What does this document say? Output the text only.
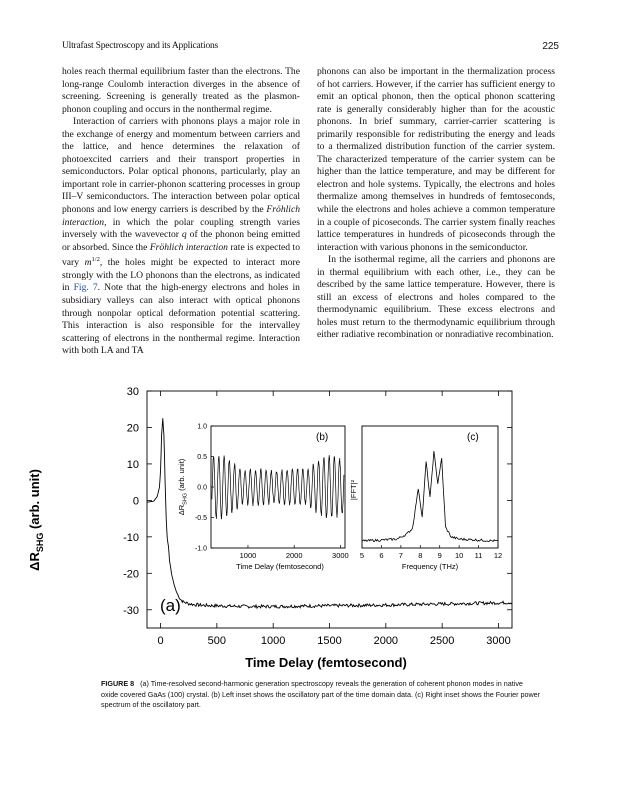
Ultrafast Spectroscopy and its Applications	225

holes reach thermal equilibrium faster than the electrons. The long-range Coulomb interaction diverges in the absence of screening. Screening is generally treated as the plasmon-phonon coupling and occurs in the nonthermal regime.

Interaction of carriers with phonons plays a major role in the exchange of energy and momentum between carriers and the lattice, and hence determines the relaxation of photoexcited carriers and their transport properties in semiconductors. Polar optical phonons, particularly, play an important role in carrier-phonon scattering processes in group III–V semiconductors. The interaction between polar optical phonons and low energy carriers is described by the Fröhlich interaction, in which the polar coupling strength varies inversely with the wavevector q of the phonon being emitted or absorbed. Since the Fröhlich interaction rate is expected to vary $m^{1/2}$, the holes might be expected to interact more strongly with the LO phonons than the electrons, as indicated in Fig. 7. Note that the high-energy electrons and holes in subsidiary valleys can also interact with optical phonons through nonpolar optical deformation potential scattering. This interaction is also responsible for the intervalley scattering of electrons in the nonthermal regime. Interaction with both LA and TA

phonons can also be important in the thermalization process of hot carriers. However, if the carrier has sufficient energy to emit an optical phonon, then the optical phonon scattering rate is generally considerably higher than for the acoustic phonons. In brief summary, carrier-carrier scattering is primarily responsible for redistributing the energy and leads to a thermalized distribution function of the carrier system. The characterized temperature of the carrier system can be higher than the lattice temperature, and may be different for electron and hole systems. Typically, the electrons and holes thermalize among themselves in hundreds of femtoseconds, while the electrons and holes achieve a common temperature in a couple of picoseconds. The carrier system finally reaches lattice temperatures in hundreds of picoseconds through the interaction with various phonons in the semiconductor.

In the isothermal regime, all the carriers and phonons are in thermal equilibrium with each other, i.e., they can be described by the same lattice temperature. However, there is still an excess of electrons and holes compared to the thermodynamic equilibrium. These excess electrons and holes must return to the thermodynamic equilibrium through either radiative recombination or nonradiative recombination.

0	500	1000	1500	2000	2500	3000
30
20
10
0
-10
-20
-30 (a)
Time Delay (femtosecond)
$\Delta R_{SHG}$ (arb. unit)
1000	2000	3000
1.0
0.5
0.0
-0.5
-1.0
(b)
Time Delay (femtosecond)
$\Delta R_{SHG}$ (arb. unit)
5 6 7 8 9 10 11 12
(c)
Frequency (THz)
|FFT|²
FIGURE 8 (a) Time-resolved second-harmonic generation spectroscopy reveals the generation of coherent phonon modes in native oxide covered GaAs (100) crystal. (b) Left inset shows the oscillatory part of the time domain data. (c) Right inset shows the Fourier power spectrum of the oscillatory part.
